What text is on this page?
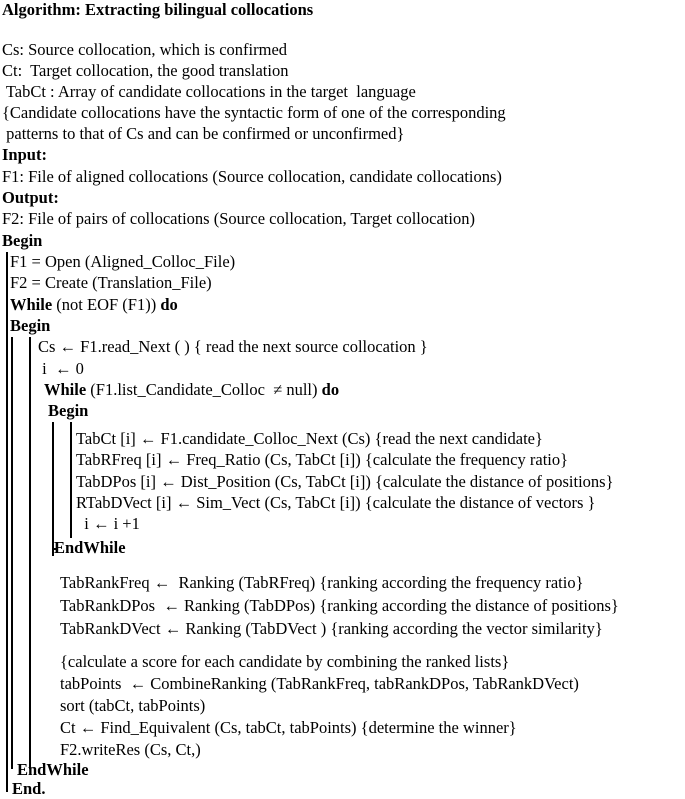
Algorithm: Extracting bilingual collocations
Cs: Source collocation, which is confirmed
Ct:  Target collocation, the good translation
TabCt : Array of candidate collocations in the target  language
{Candidate collocations have the syntactic form of one of the corresponding
patterns to that of Cs and can be confirmed or unconfirmed}
Input:
F1: File of aligned collocations (Source collocation, candidate collocations)
Output:
F2: File of pairs of collocations (Source collocation, Target collocation)
Begin
F1 = Open (Aligned_Colloc_File)
F2 = Create (Translation_File)
While (not EOF (F1)) do
Begin
Cs ← F1.read_Next ( ) { read the next source collocation }
i  ← 0
While (F1.list_Candidate_Colloc  ≠ null) do
Begin
TabCt [i] ← F1.candidate_Colloc_Next (Cs) {read the next candidate}
TabRFreq [i] ← Freq_Ratio (Cs, TabCt [i]) {calculate the frequency ratio}
TabDPos [i] ← Dist_Position (Cs, TabCt [i]) {calculate the distance of positions}
RTabDVect [i] ← Sim_Vect (Cs, TabCt [i]) {calculate the distance of vectors }
i ← i +1
EndWhile
TabRankFreq ←  Ranking (TabRFreq) {ranking according the frequency ratio}
TabRankDPos  ← Ranking (TabDPos) {ranking according the distance of positions}
TabRankDVect ← Ranking (TabDVect ) {ranking according the vector similarity}
{calculate a score for each candidate by combining the ranked lists}
tabPoints  ← CombineRanking (TabRankFreq, tabRankDPos, TabRankDVect)
sort (tabCt, tabPoints)
Ct ← Find_Equivalent (Cs, tabCt, tabPoints) {determine the winner}
F2.writeRes (Cs, Ct,)
EndWhile
End.
